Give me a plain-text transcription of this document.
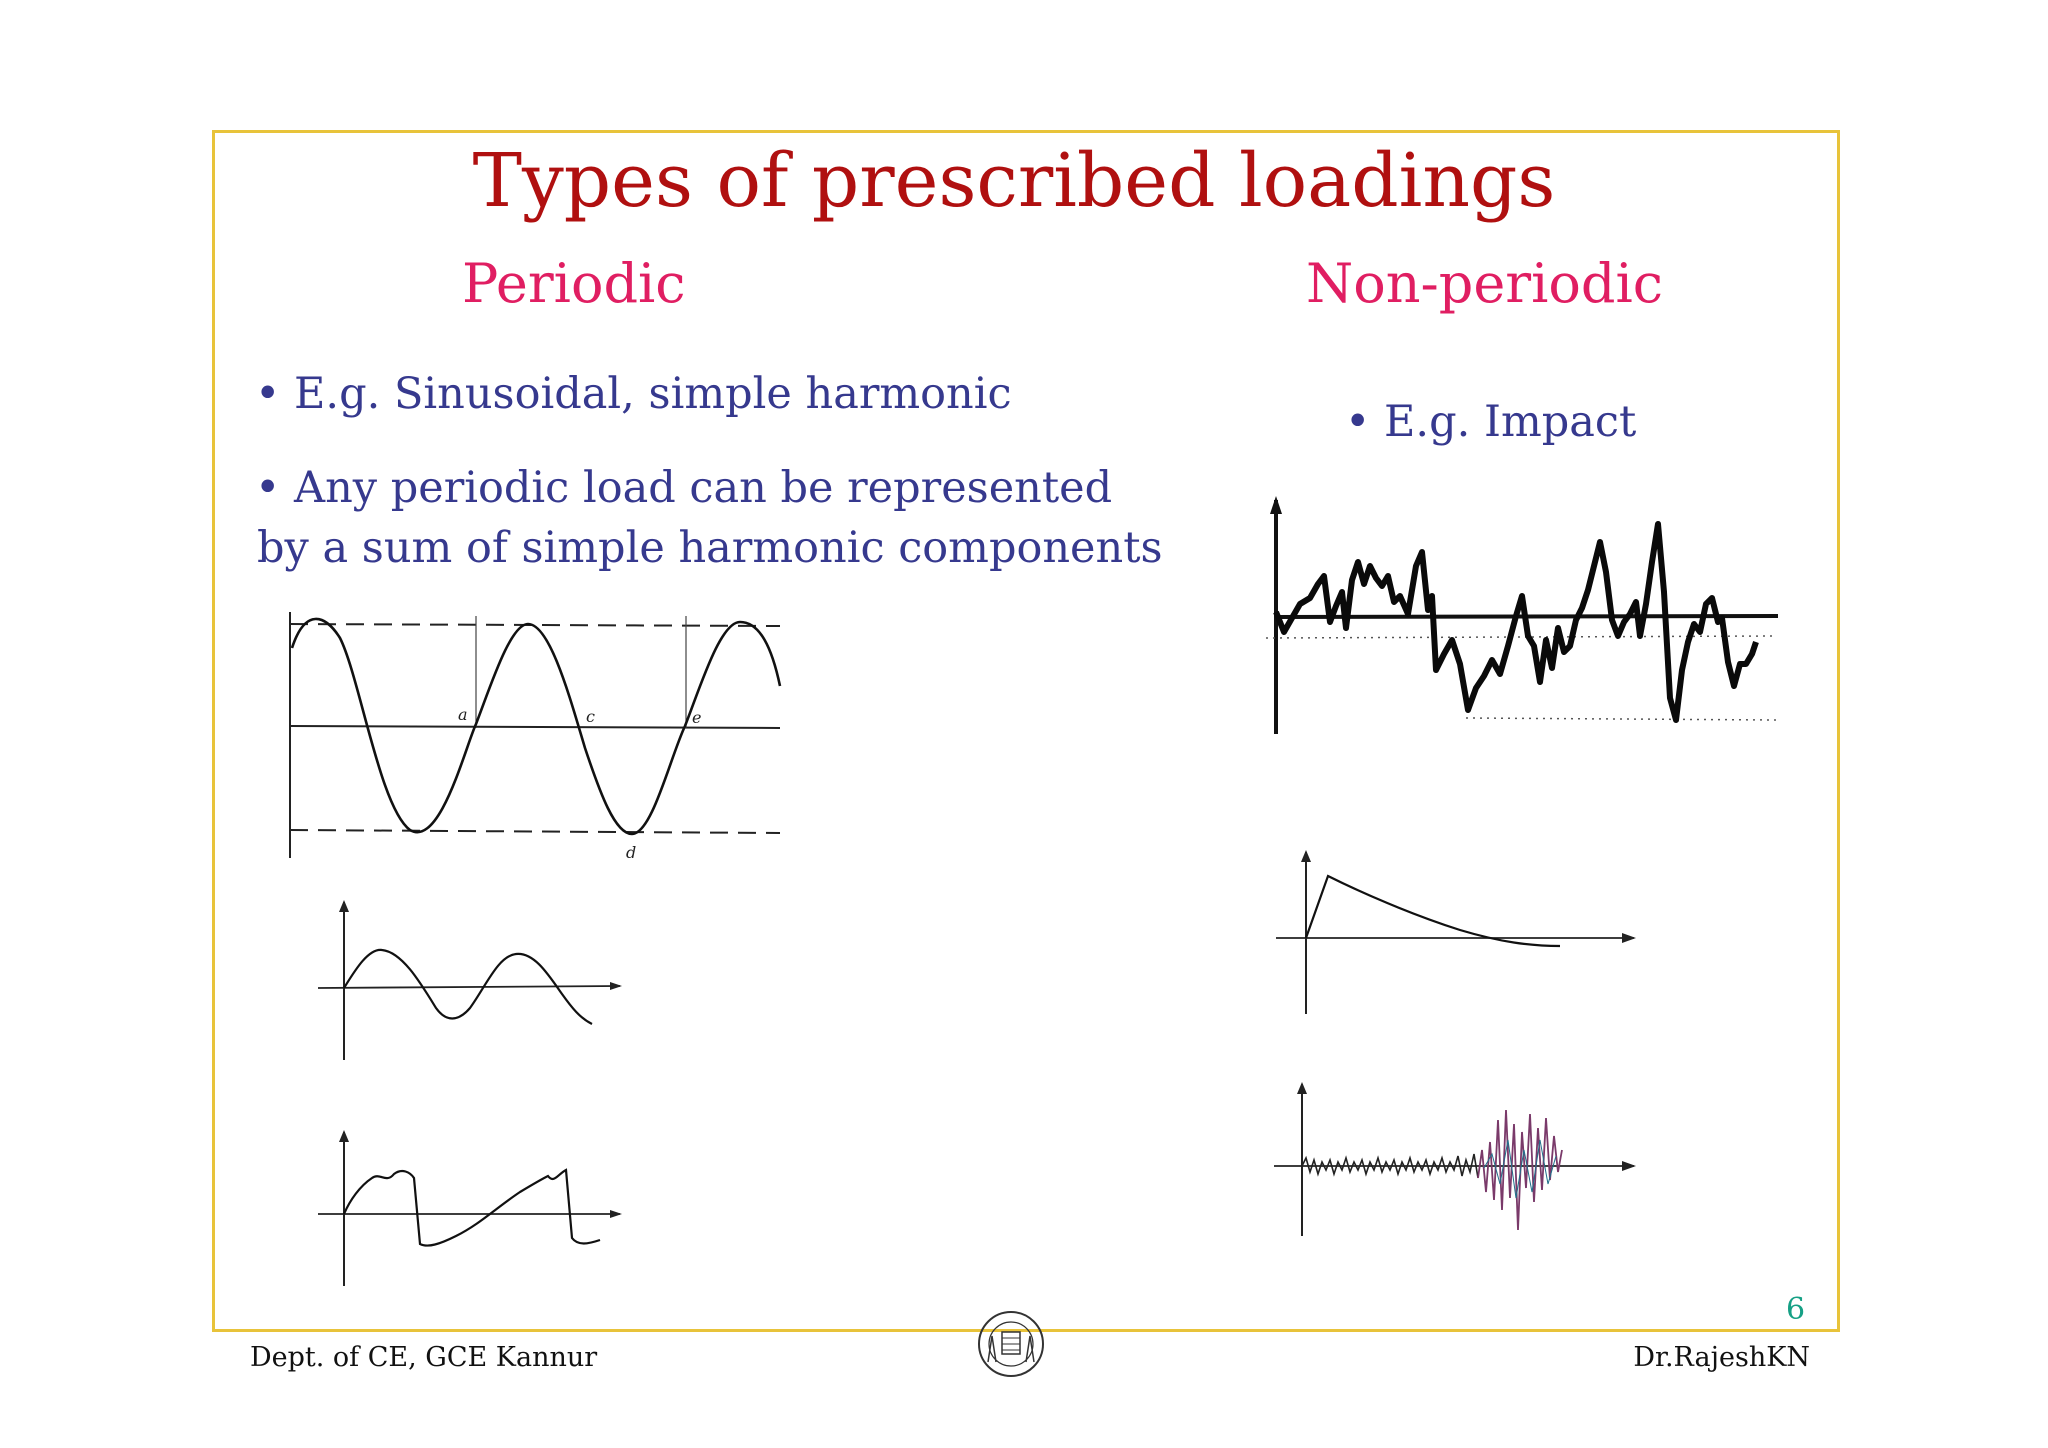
Types of prescribed loadings
Periodic	Non-periodic
• E.g. Sinusoidal, simple harmonic
• Any periodic load can be represented
by a sum of simple harmonic components
• E.g. Impact
a	c	e
d
6
Dept. of CE, GCE Kannur	Dr.RajeshKN
